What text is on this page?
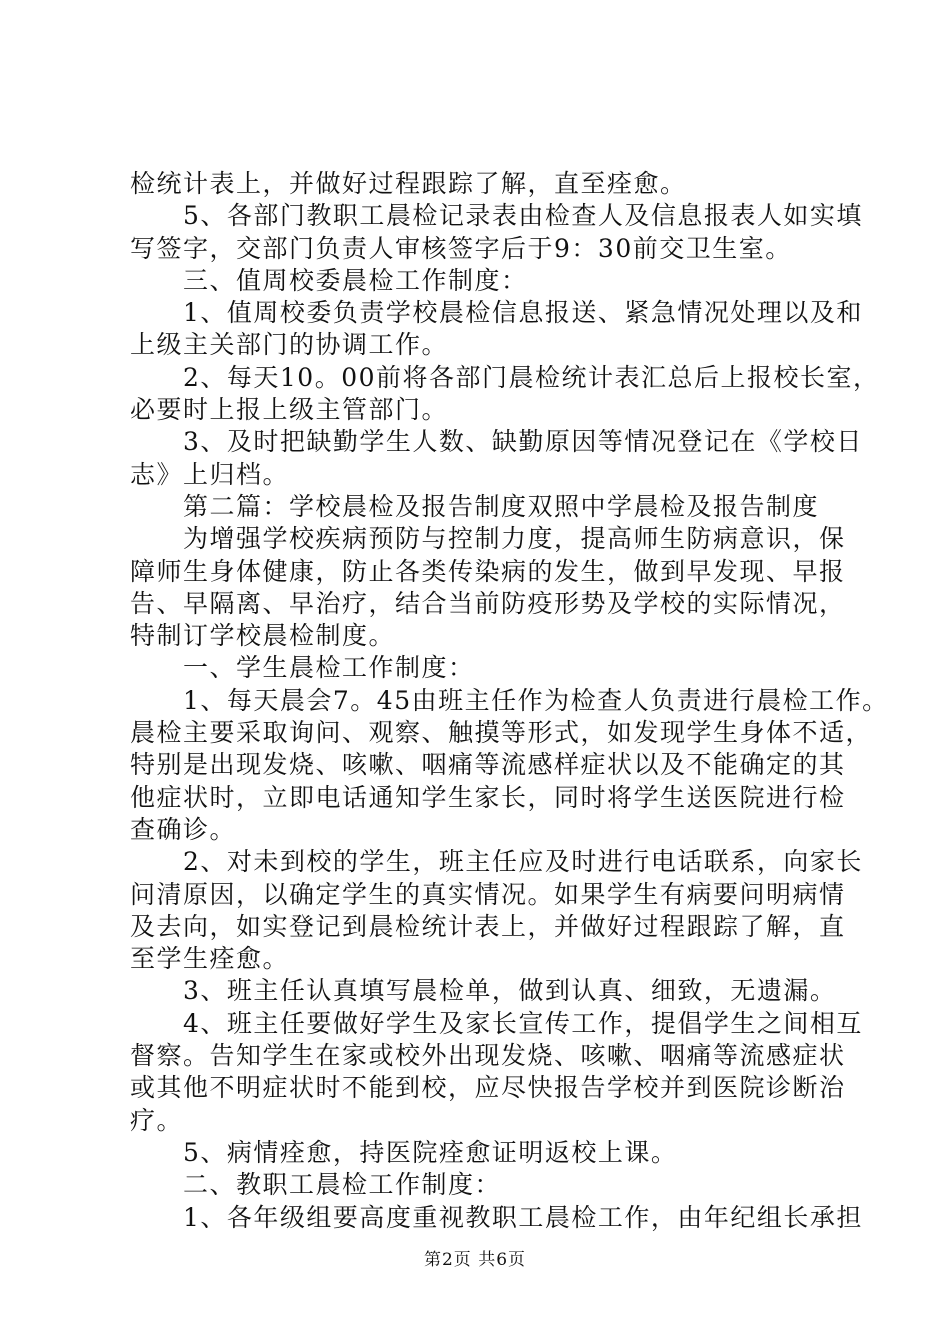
检统计表上，并做好过程跟踪了解，直至痊愈。

　　5、各部门教职工晨检记录表由检查人及信息报表人如实填

写签字，交部门负责人审核签字后于9：30前交卫生室。

　　三、值周校委晨检工作制度：

　　1、值周校委负责学校晨检信息报送、紧急情况处理以及和

上级主关部门的协调工作。

　　2、每天10。00前将各部门晨检统计表汇总后上报校长室，

必要时上报上级主管部门。

　　3、及时把缺勤学生人数、缺勤原因等情况登记在《学校日

志》上归档。

　　第二篇：学校晨检及报告制度双照中学晨检及报告制度

　　为增强学校疾病预防与控制力度，提高师生防病意识，保

障师生身体健康，防止各类传染病的发生，做到早发现、早报

告、早隔离、早治疗，结合当前防疫形势及学校的实际情况，

特制订学校晨检制度。

　　一、学生晨检工作制度：

　　1、每天晨会7。45由班主任作为检查人负责进行晨检工作。

晨检主要采取询问、观察、触摸等形式，如发现学生身体不适，

特别是出现发烧、咳嗽、咽痛等流感样症状以及不能确定的其

他症状时，立即电话通知学生家长，同时将学生送医院进行检

查确诊。

　　2、对未到校的学生，班主任应及时进行电话联系，向家长

问清原因，以确定学生的真实情况。如果学生有病要问明病情

及去向，如实登记到晨检统计表上，并做好过程跟踪了解，直

至学生痊愈。

　　3、班主任认真填写晨检单，做到认真、细致，无遗漏。

　　4、班主任要做好学生及家长宣传工作，提倡学生之间相互

督察。告知学生在家或校外出现发烧、咳嗽、咽痛等流感症状

或其他不明症状时不能到校，应尽快报告学校并到医院诊断治

疗。

　　5、病情痊愈，持医院痊愈证明返校上课。

　　二、教职工晨检工作制度：

　　1、各年级组要高度重视教职工晨检工作，由年纪组长承担

第2页 共6页
